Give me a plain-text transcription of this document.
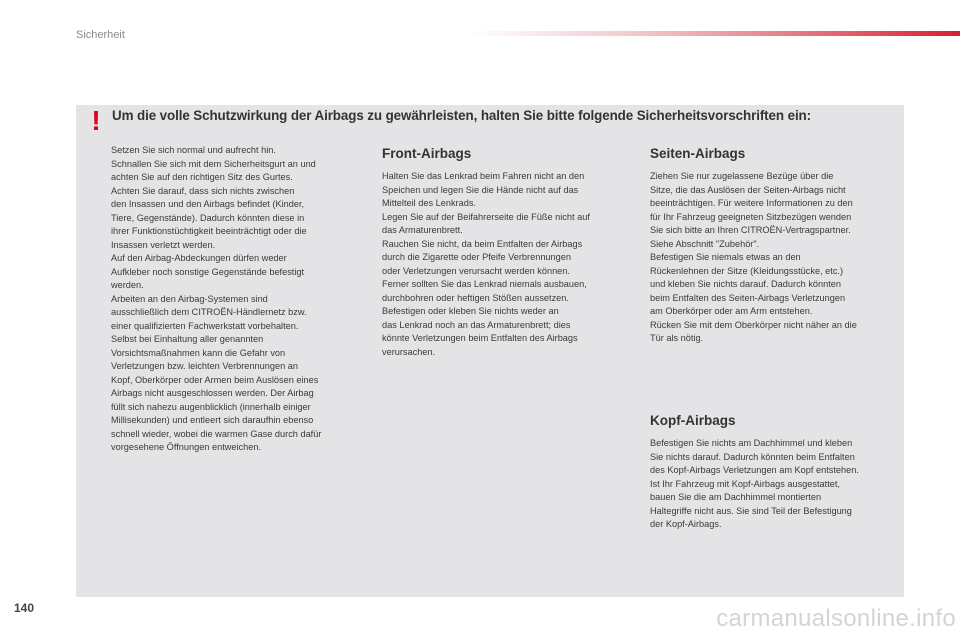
Sicherheit
! Um die volle Schutzwirkung der Airbags zu gewährleisten, halten Sie bitte folgende Sicherheitsvorschriften ein:

Setzen Sie sich normal und aufrecht hin.

Schnallen Sie sich mit dem Sicherheitsgurt an und

achten Sie auf den richtigen Sitz des Gurtes.

Achten Sie darauf, dass sich nichts zwischen

den Insassen und den Airbags befindet (Kinder,

Tiere, Gegenstände). Dadurch könnten diese in

ihrer Funktionstüchtigkeit beeinträchtigt oder die

Insassen verletzt werden.

Auf den Airbag-Abdeckungen dürfen weder

Aufkleber noch sonstige Gegenstände befestigt

werden.

Arbeiten an den Airbag-Systemen sind

ausschließlich dem CITROËN-Händlernetz bzw.

einer qualifizierten Fachwerkstatt vorbehalten.

Selbst bei Einhaltung aller genannten

Vorsichtsmaßnahmen kann die Gefahr von

Verletzungen bzw. leichten Verbrennungen an

Kopf, Oberkörper oder Armen beim Auslösen eines

Airbags nicht ausgeschlossen werden. Der Airbag

füllt sich nahezu augenblicklich (innerhalb einiger

Millisekunden) und entleert sich daraufhin ebenso

schnell wieder, wobei die warmen Gase durch dafür

vorgesehene Öffnungen entweichen.

Front-Airbags

Halten Sie das Lenkrad beim Fahren nicht an den

Speichen und legen Sie die Hände nicht auf das

Mittelteil des Lenkrads.

Legen Sie auf der Beifahrerseite die Füße nicht auf

das Armaturenbrett.

Rauchen Sie nicht, da beim Entfalten der Airbags

durch die Zigarette oder Pfeife Verbrennungen

oder Verletzungen verursacht werden können.

Ferner sollten Sie das Lenkrad niemals ausbauen,

durchbohren oder heftigen Stößen aussetzen.

Befestigen oder kleben Sie nichts weder an

das Lenkrad noch an das Armaturenbrett; dies

könnte Verletzungen beim Entfalten des Airbags

verursachen.

Seiten-Airbags

Ziehen Sie nur zugelassene Bezüge über die

Sitze, die das Auslösen der Seiten-Airbags nicht

beeinträchtigen. Für weitere Informationen zu den

für Ihr Fahrzeug geeigneten Sitzbezügen wenden

Sie sich bitte an Ihren CITROËN-Vertragspartner.

Siehe Abschnitt "Zubehör".

Befestigen Sie niemals etwas an den

Rückenlehnen der Sitze (Kleidungsstücke, etc.)

und kleben Sie nichts darauf. Dadurch könnten

beim Entfalten des Seiten-Airbags Verletzungen

am Oberkörper oder am Arm entstehen.

Rücken Sie mit dem Oberkörper nicht näher an die

Tür als nötig.

Kopf-Airbags

Befestigen Sie nichts am Dachhimmel und kleben

Sie nichts darauf. Dadurch könnten beim Entfalten

des Kopf-Airbags Verletzungen am Kopf entstehen.

Ist Ihr Fahrzeug mit Kopf-Airbags ausgestattet,

bauen Sie die am Dachhimmel montierten

Haltegriffe nicht aus. Sie sind Teil der Befestigung

der Kopf-Airbags.

140	carmanualsonline.info
